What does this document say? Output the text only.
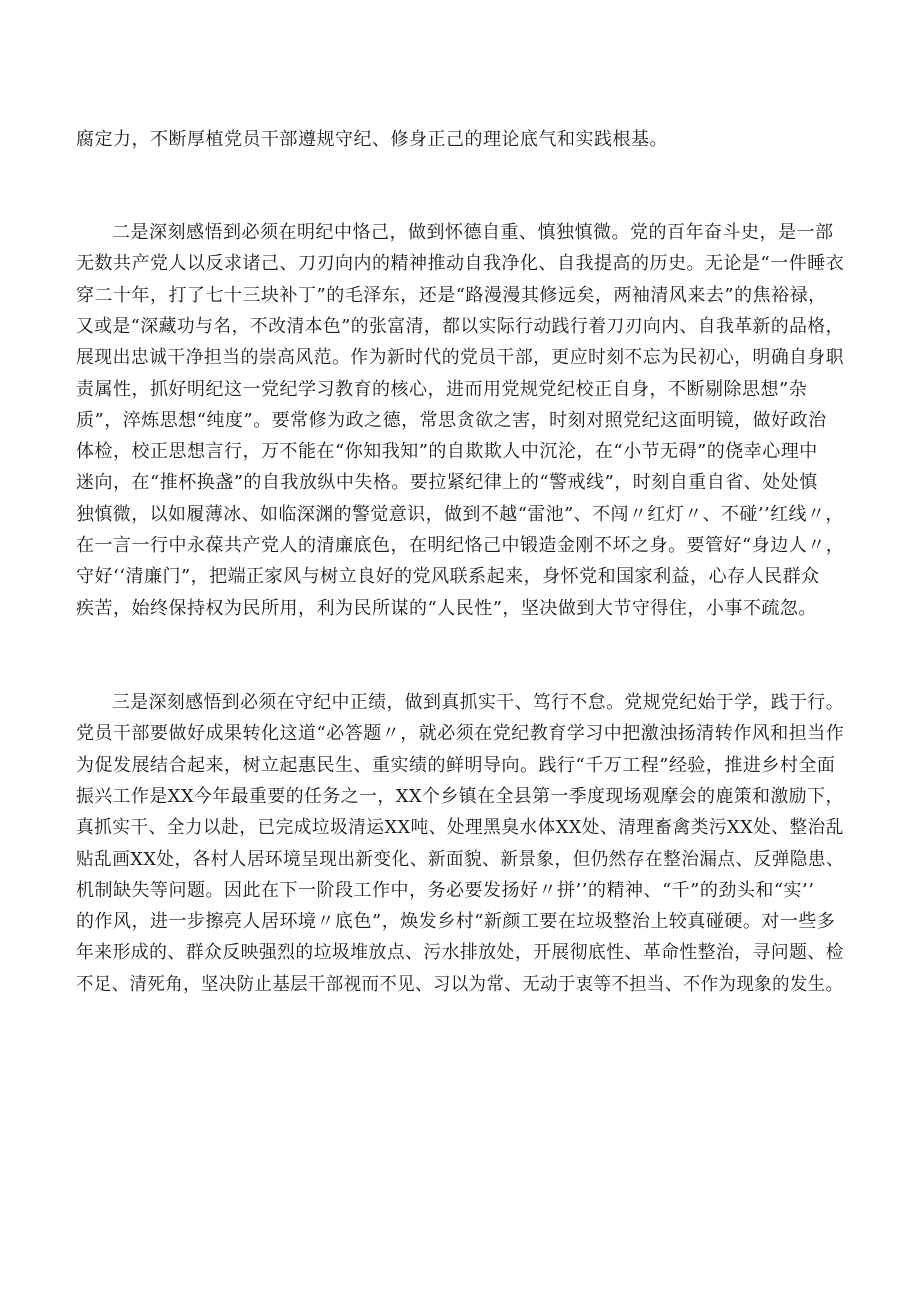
腐定力，不断厚植党员干部遵规守纪、修身正己的理论底气和实践根基。
二是深刻感悟到必须在明纪中恪己，做到怀德自重、慎独慎微。党的百年奋斗史，是一部
无数共产党人以反求诸己、刀刃向内的精神推动自我净化、自我提高的历史。无论是“一件睡衣
穿二十年，打了七十三块补丁”的毛泽东，还是“路漫漫其修远矣，两袖清风来去”的焦裕禄，
又或是“深藏功与名，不改清本色”的张富清，都以实际行动践行着刀刃向内、自我革新的品格，
展现出忠诚干净担当的崇高风范。作为新时代的党员干部，更应时刻不忘为民初心，明确自身职
责属性，抓好明纪这一党纪学习教育的核心，进而用党规党纪校正自身，不断剔除思想”杂
质”，淬炼思想“纯度”。要常修为政之德，常思贪欲之害，时刻对照党纪这面明镜，做好政治
体检，校正思想言行，万不能在“你知我知”的自欺欺人中沉沦，在“小节无碍”的侥幸心理中
迷向，在“推杯换盏”的自我放纵中失格。要拉紧纪律上的“警戒线”，时刻自重自省、处处慎
独慎微，以如履薄冰、如临深渊的警觉意识，做到不越“雷池”、不闯〃红灯〃、不碰’’红线〃，
在一言一行中永葆共产党人的清廉底色，在明纪恪己中锻造金刚不坏之身。要管好“身边人〃，
守好‘‘清廉门”，把端正家风与树立良好的党风联系起来，身怀党和国家利益，心存人民群众
疾苦，始终保持权为民所用，利为民所谋的“人民性”，坚决做到大节守得住，小事不疏忽。
三是深刻感悟到必须在守纪中正绩，做到真抓实干、笃行不怠。党规党纪始于学，践于行。
党员干部要做好成果转化这道“必答题〃，就必须在党纪教育学习中把激浊扬清转作风和担当作
为促发展结合起来，树立起惠民生、重实绩的鲜明导向。践行“千万工程”经验，推进乡村全面
振兴工作是XX今年最重要的任务之一，XX个乡镇在全县第一季度现场观摩会的鹿策和激励下，
真抓实干、全力以赴，已完成垃圾清运XX吨、处理黑臭水体XX处、清理畜禽类污XX处、整治乱
贴乱画XX处，各村人居环境呈现出新变化、新面貌、新景象，但仍然存在整治漏点、反弹隐患、
机制缺失等问题。因此在下一阶段工作中，务必要发扬好〃拼’’的精神、“千”的劲头和“实’’
的作风，进一步擦亮人居环境〃底色”，焕发乡村“新颜工要在垃圾整治上较真碰硬。对一些多
年来形成的、群众反映强烈的垃圾堆放点、污水排放处，开展彻底性、革命性整治，寻问题、检
不足、清死角，坚决防止基层干部视而不见、习以为常、无动于衷等不担当、不作为现象的发生。
